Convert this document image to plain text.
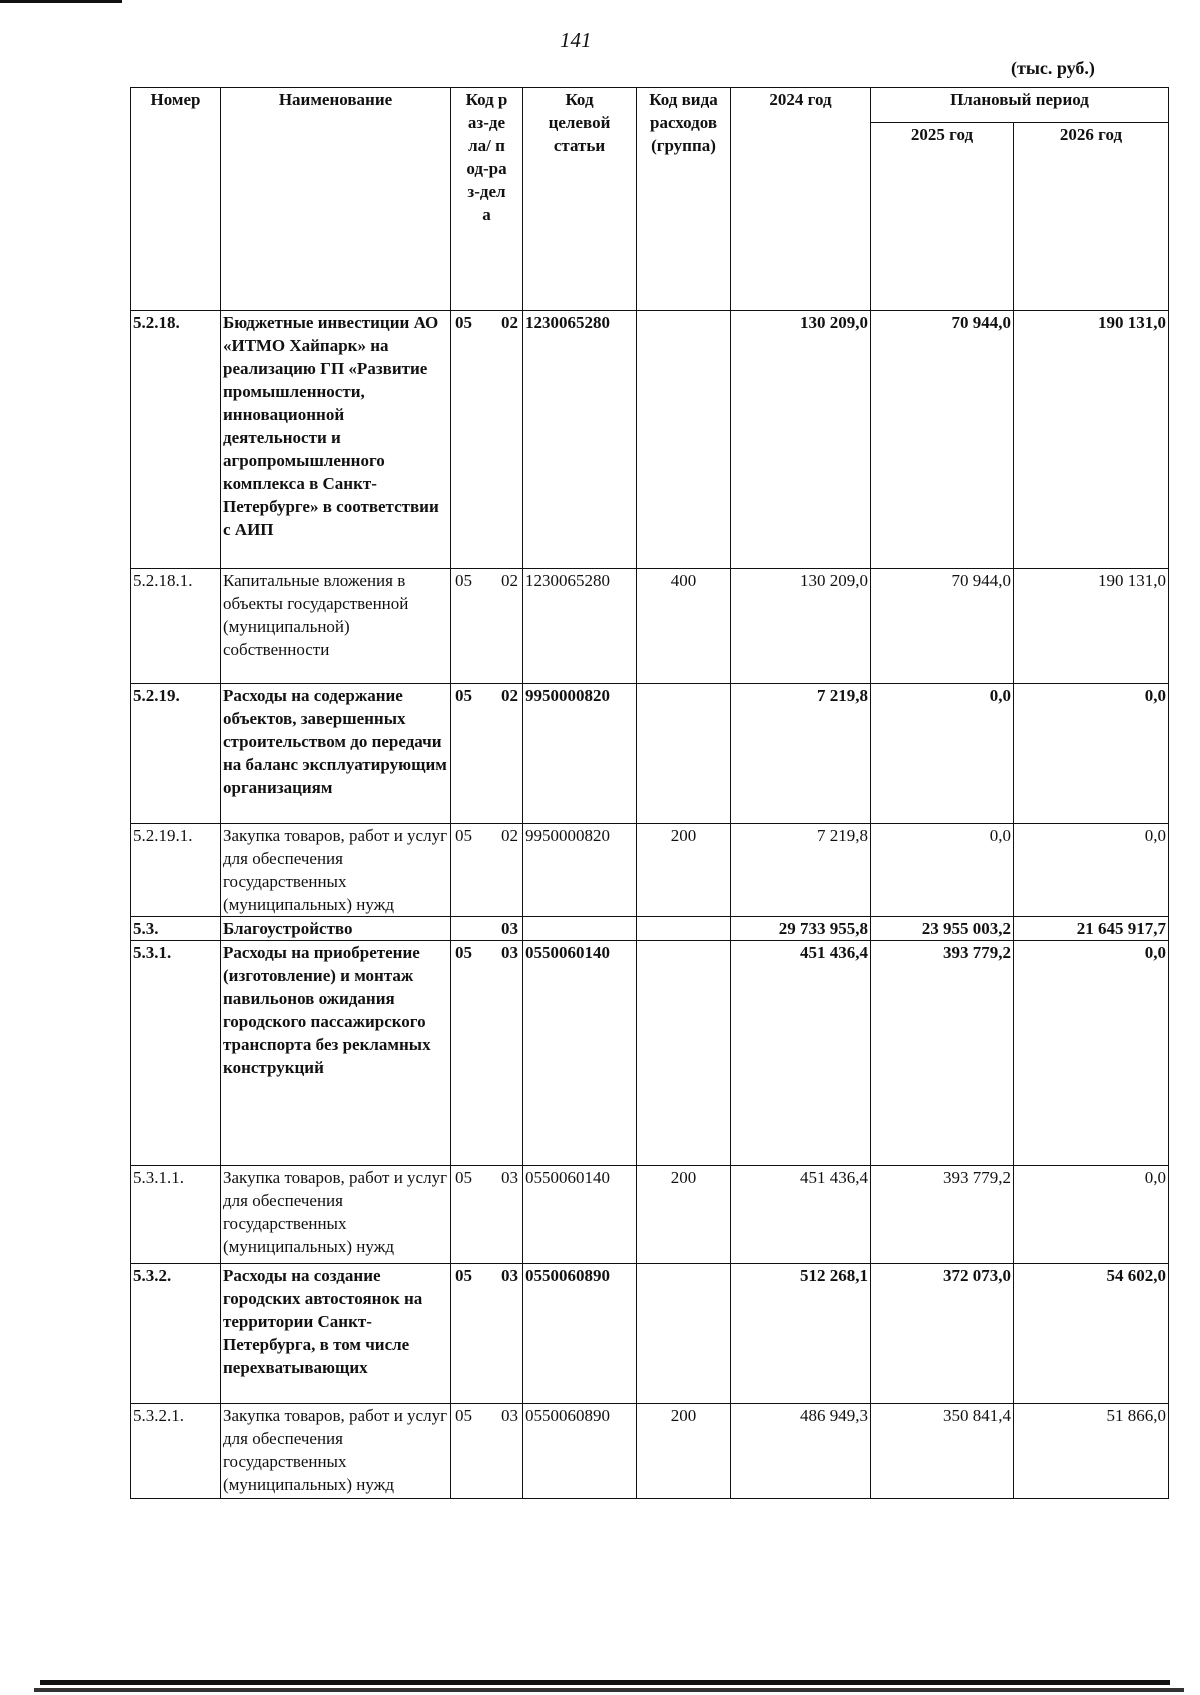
141
(тыс. руб.)
Номер	Наименование	Код раз-дела/ под-раз-дела	Код целевой статьи	Код вида расходов (группа)	2024 год	Плановый период	
						2025 год	2026 год
5.2.18.	Бюджетные инвестиции АО «ИТМО Хайпарк» на реализацию ГП «Развитие промышленности, инновационной деятельности и агропромышленного комплекса в Санкт-Петербурге» в соответствии с АИП	05 02	1230065280		130 209,0	70 944,0	190 131,0
5.2.18.1.	Капитальные вложения в объекты государственной (муниципальной) собственности	05 02	1230065280	400	130 209,0	70 944,0	190 131,0
5.2.19.	Расходы на содержание объектов, завершенных строительством до передачи на баланс эксплуатирующим организациям	05 02	9950000820		7 219,8	0,0	0,0
5.2.19.1.	Закупка товаров, работ и услуг для обеспечения государственных (муниципальных) нужд	05 02	9950000820	200	7 219,8	0,0	0,0
5.3.	Благоустройство	03			29 733 955,8	23 955 003,2	21 645 917,7
5.3.1.	Расходы на приобретение (изготовление) и монтаж павильонов ожидания городского пассажирского транспорта без рекламных конструкций	05 03	0550060140		451 436,4	393 779,2	0,0
5.3.1.1.	Закупка товаров, работ и услуг для обеспечения государственных (муниципальных) нужд	05 03	0550060140	200	451 436,4	393 779,2	0,0
5.3.2.	Расходы на создание городских автостоянок на территории Санкт-Петербурга, в том числе перехватывающих	05 03	0550060890		512 268,1	372 073,0	54 602,0
5.3.2.1.	Закупка товаров, работ и услуг для обеспечения государственных (муниципальных) нужд	05 03	0550060890	200	486 949,3	350 841,4	51 866,0
